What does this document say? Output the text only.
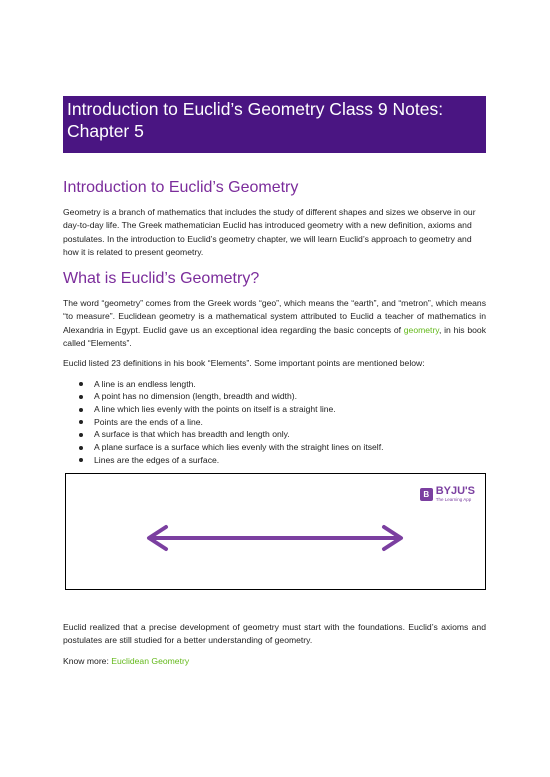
Introduction to Euclid’s Geometry Class 9 Notes: Chapter 5
Introduction to Euclid’s Geometry

Geometry is a branch of mathematics that includes the study of different shapes and sizes we observe in our day-to-day life. The Greek mathematician Euclid has introduced geometry with a new definition, axioms and postulates. In the introduction to Euclid’s geometry chapter, we will learn Euclid’s approach to geometry and how it is related to present geometry.

What is Euclid’s Geometry?

The word “geometry” comes from the Greek words “geo”, which means the “earth”, and “metron”, which means “to measure”. Euclidean geometry is a mathematical system attributed to Euclid a teacher of mathematics in Alexandria in Egypt. Euclid gave us an exceptional idea regarding the basic concepts of geometry, in his book called “Elements”.

Euclid listed 23 definitions in his book “Elements”. Some important points are mentioned below:

A line is an endless length.
A point has no dimension (length, breadth and width).
A line which lies evenly with the points on itself is a straight line.
Points are the ends of a line.
A surface is that which has breadth and length only.
A plane surface is a surface which lies evenly with the straight lines on itself.
Lines are the edges of a surface.
B BYJU'S
The Learning App

Euclid realized that a precise development of geometry must start with the foundations. Euclid’s axioms and postulates are still studied for a better understanding of geometry.

Know more: Euclidean Geometry
